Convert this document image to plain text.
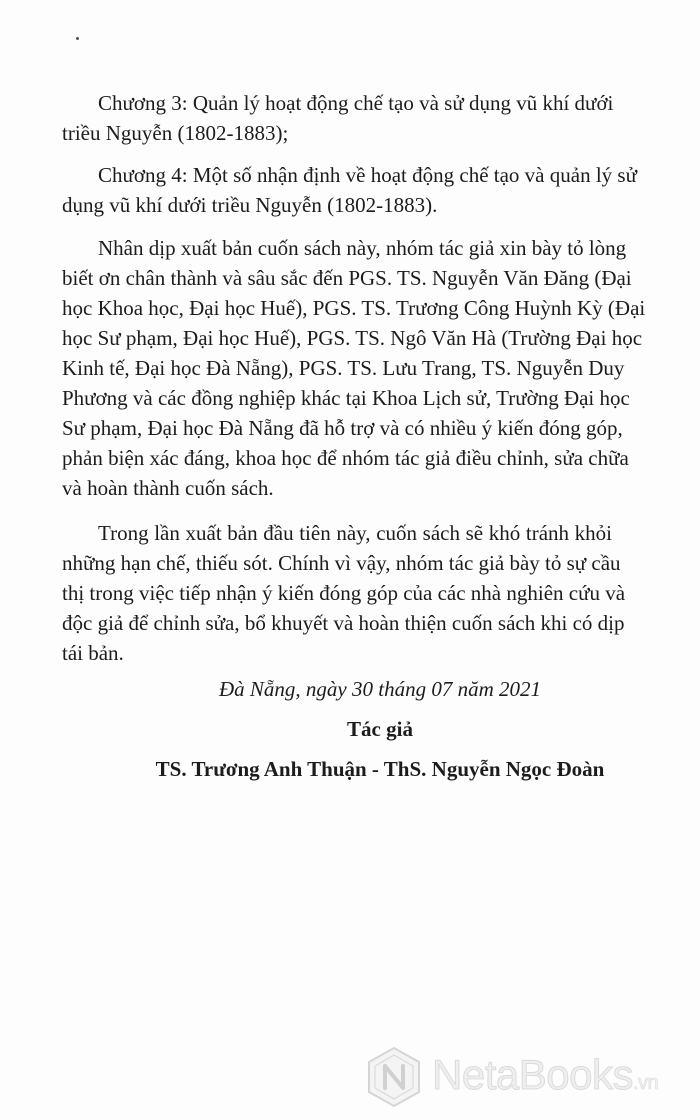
Chương 3: Quản lý hoạt động chế tạo và sử dụng vũ khí dưới
triều Nguyễn (1802-1883);
Chương 4: Một số nhận định về hoạt động chế tạo và quản lý sử
dụng vũ khí dưới triều Nguyễn (1802-1883).
Nhân dịp xuất bản cuốn sách này, nhóm tác giả xin bày tỏ lòng
biết ơn chân thành và sâu sắc đến PGS. TS. Nguyễn Văn Đăng (Đại
học Khoa học, Đại học Huế), PGS. TS. Trương Công Huỳnh Kỳ (Đại
học Sư phạm, Đại học Huế), PGS. TS. Ngô Văn Hà (Trường Đại học
Kinh tế, Đại học Đà Nẵng), PGS. TS. Lưu Trang, TS. Nguyễn Duy
Phương và các đồng nghiệp khác tại Khoa Lịch sử, Trường Đại học
Sư phạm, Đại học Đà Nẵng đã hỗ trợ và có nhiều ý kiến đóng góp,
phản biện xác đáng, khoa học để nhóm tác giả điều chỉnh, sửa chữa
và hoàn thành cuốn sách.
Trong lần xuất bản đầu tiên này, cuốn sách sẽ khó tránh khỏi
những hạn chế, thiếu sót. Chính vì vậy, nhóm tác giả bày tỏ sự cầu
thị trong việc tiếp nhận ý kiến đóng góp của các nhà nghiên cứu và
độc giả để chỉnh sửa, bổ khuyết và hoàn thiện cuốn sách khi có dịp
tái bản.
Đà Nẵng, ngày 30 tháng 07 năm 2021
Tác giả
TS. Trương Anh Thuận - ThS. Nguyễn Ngọc Đoàn
NetaBooks.vn
